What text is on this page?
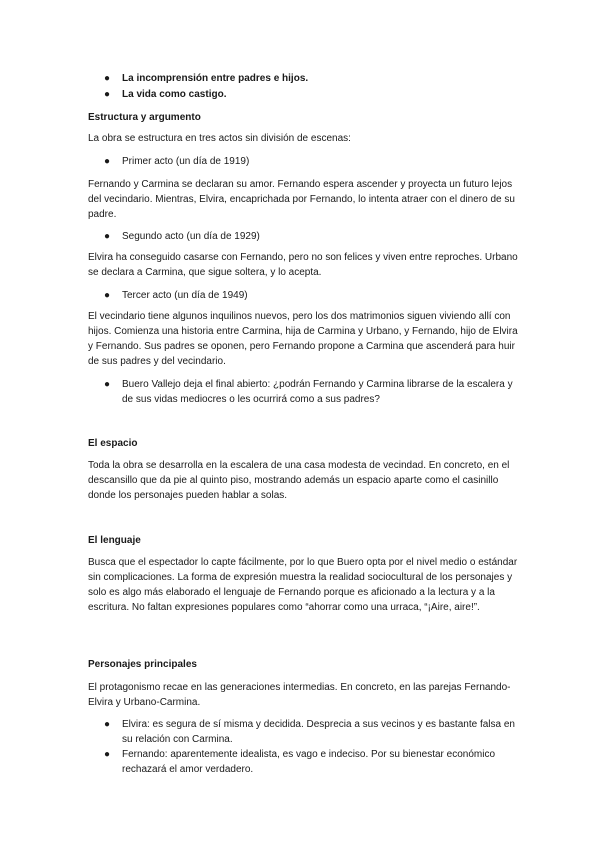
● La incomprensión entre padres e hijos.

● La vida como castigo.

Estructura y argumento

La obra se estructura en tres actos sin división de escenas:

● Primer acto (un día de 1919)

Fernando y Carmina se declaran su amor. Fernando espera ascender y proyecta un futuro lejos del vecindario. Mientras, Elvira, encaprichada por Fernando, lo intenta atraer con el dinero de su padre.

● Segundo acto (un día de 1929)

Elvira ha conseguido casarse con Fernando, pero no son felices y viven entre reproches. Urbano se declara a Carmina, que sigue soltera, y lo acepta.

● Tercer acto (un día de 1949)

El vecindario tiene algunos inquilinos nuevos, pero los dos matrimonios siguen viviendo allí con hijos. Comienza una historia entre Carmina, hija de Carmina y Urbano, y Fernando, hijo de Elvira y Fernando. Sus padres se oponen, pero Fernando propone a Carmina que ascenderá para huir de sus padres y del vecindario.

● Buero Vallejo deja el final abierto: ¿podrán Fernando y Carmina librarse de la escalera y de sus vidas mediocres o les ocurrirá como a sus padres?

El espacio

Toda la obra se desarrolla en la escalera de una casa modesta de vecindad. En concreto, en el descansillo que da pie al quinto piso, mostrando además un espacio aparte como el casinillo donde los personajes pueden hablar a solas.

El lenguaje

Busca que el espectador lo capte fácilmente, por lo que Buero opta por el nivel medio o estándar sin complicaciones. La forma de expresión muestra la realidad sociocultural de los personajes y solo es algo más elaborado el lenguaje de Fernando porque es aficionado a la lectura y a la escritura. No faltan expresiones populares como “ahorrar como una urraca, “¡Aire, aire!”.

Personajes principales

El protagonismo recae en las generaciones intermedias. En concreto, en las parejas Fernando-Elvira y Urbano-Carmina.

● Elvira: es segura de sí misma y decidida. Desprecia a sus vecinos y es bastante falsa en su relación con Carmina.

● Fernando: aparentemente idealista, es vago e indeciso. Por su bienestar económico rechazará el amor verdadero.
